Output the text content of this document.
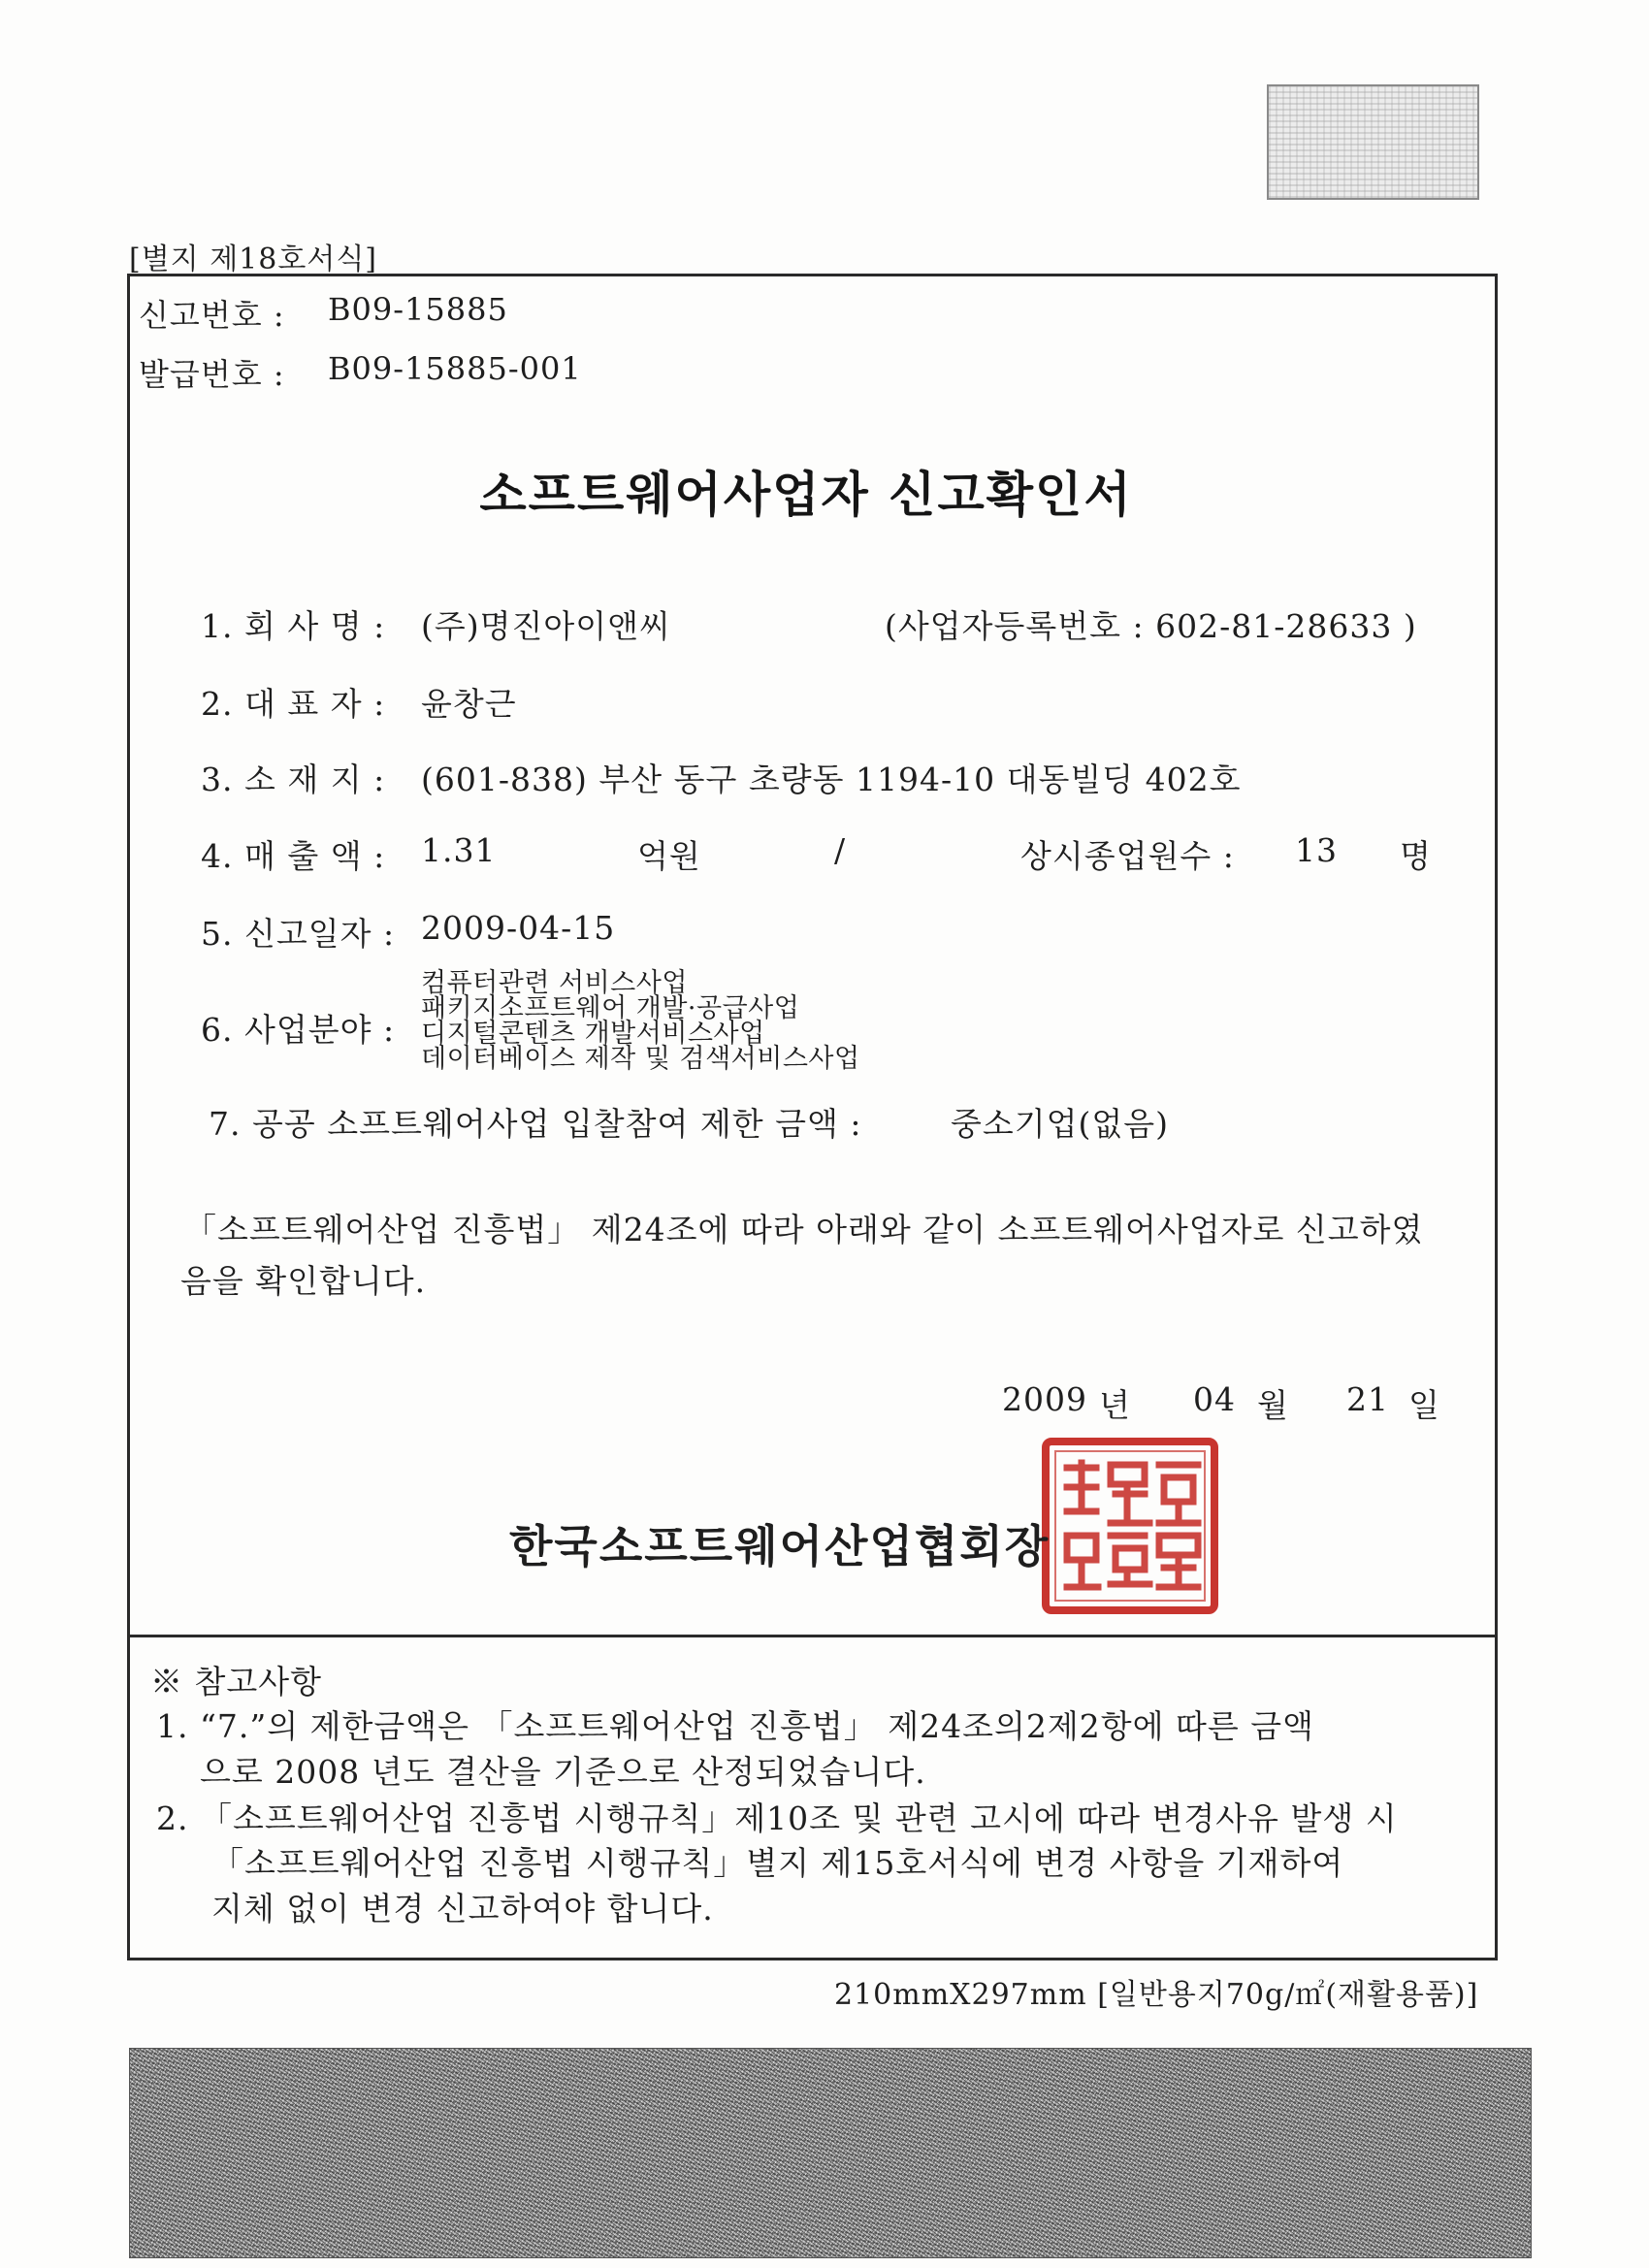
[별지 제18호서식]
신고번호 : B09-15885
발급번호 : B09-15885-001
소프트웨어사업자 신고확인서
1. 회 사 명 : (주)명진아이앤씨	(사업자등록번호 : 602-81-28633 )
2. 대 표 자 : 윤창근
3. 소 재 지 : (601-838) 부산 동구 초량동 1194-10 대동빌딩 402호
4. 매 출 액 : 1.31	억원	/	상시종업원수 : 13 명
5. 신고일자 : 2009-04-15
6. 사업분야 :
컴퓨터관련 서비스사업
패키지소프트웨어 개발·공급사업
디지털콘텐츠 개발서비스사업
데이터베이스 제작 및 검색서비스사업
7. 공공 소프트웨어사업 입찰참여 제한 금액 :	중소기업(없음)
「소프트웨어산업 진흥법」 제24조에 따라 아래와 같이 소프트웨어사업자로 신고하였
음을 확인합니다.
2009 년 04 월 21 일
한국소프트웨어산업협회장
※ 참고사항
1. “7.”의 제한금액은 「소프트웨어산업 진흥법」 제24조의2제2항에 따른 금액
으로 2008 년도 결산을 기준으로 산정되었습니다.
2. 「소프트웨어산업 진흥법 시행규칙」제10조 및 관련 고시에 따라 변경사유 발생 시
「소프트웨어산업 진흥법 시행규칙」별지 제15호서식에 변경 사항을 기재하여
지체 없이 변경 신고하여야 합니다.
210mmX297mm [일반용지70g/㎡(재활용품)]
